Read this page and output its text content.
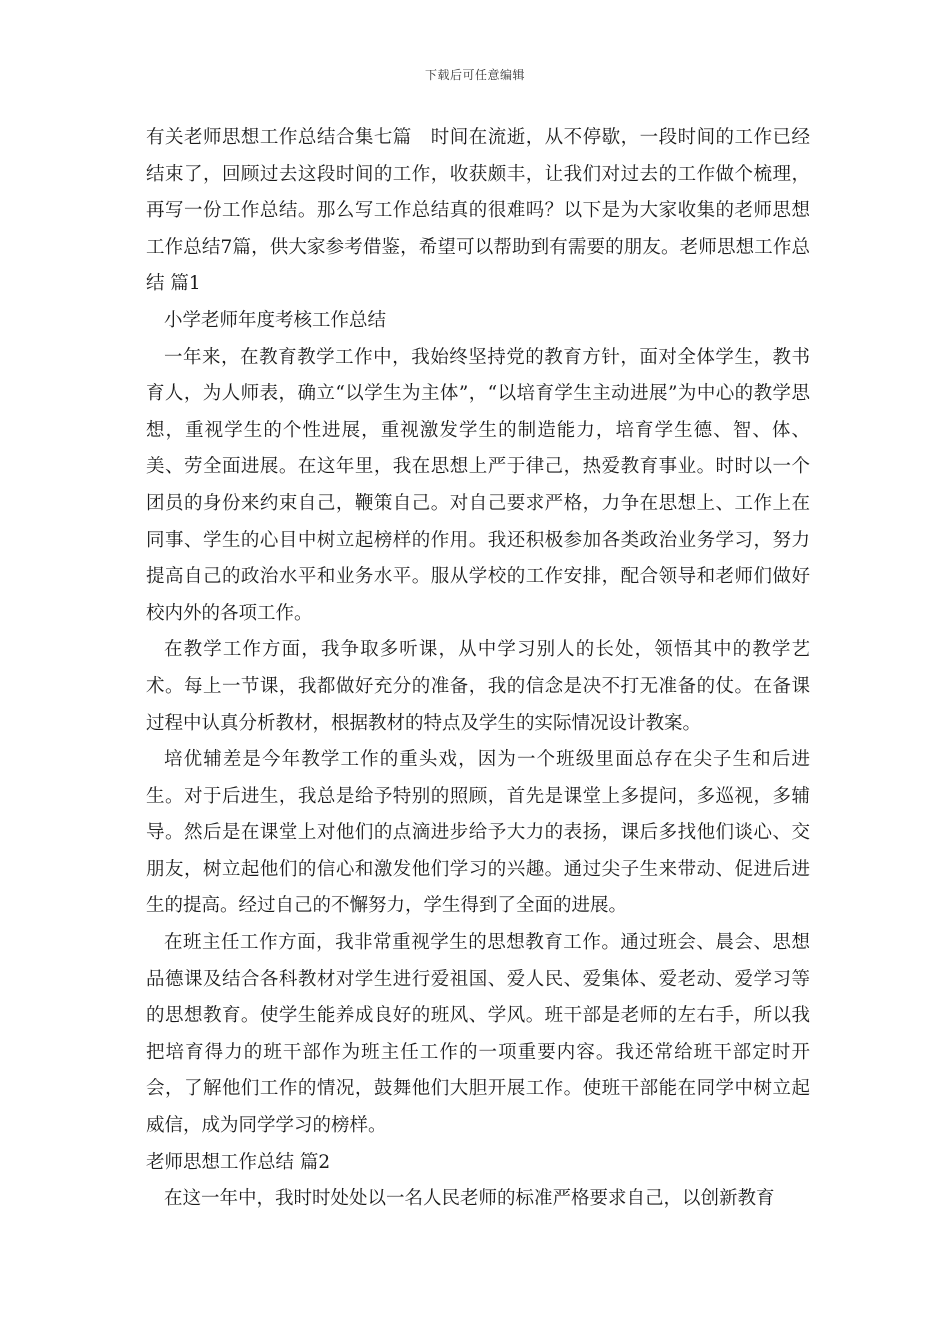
下载后可任意编辑

有关老师思想工作总结合集七篇　时间在流逝，从不停歇，一段时间的工作已经结束了，回顾过去这段时间的工作，收获颇丰，让我们对过去的工作做个梳理，再写一份工作总结。那么写工作总结真的很难吗？以下是为大家收集的老师思想工作总结7篇，供大家参考借鉴，希望可以帮助到有需要的朋友。老师思想工作总结 篇1

小学老师年度考核工作总结

一年来，在教育教学工作中，我始终坚持党的教育方针，面对全体学生，教书育人，为人师表，确立“以学生为主体”，“以培育学生主动进展”为中心的教学思想，重视学生的个性进展，重视激发学生的制造能力，培育学生德、智、体、美、劳全面进展。在这年里，我在思想上严于律己，热爱教育事业。时时以一个团员的身份来约束自己，鞭策自己。对自己要求严格，力争在思想上、工作上在同事、学生的心目中树立起榜样的作用。我还积极参加各类政治业务学习，努力提高自己的政治水平和业务水平。服从学校的工作安排，配合领导和老师们做好校内外的各项工作。

在教学工作方面，我争取多听课，从中学习别人的长处，领悟其中的教学艺术。每上一节课，我都做好充分的准备，我的信念是决不打无准备的仗。在备课过程中认真分析教材，根据教材的特点及学生的实际情况设计教案。

培优辅差是今年教学工作的重头戏，因为一个班级里面总存在尖子生和后进生。对于后进生，我总是给予特别的照顾，首先是课堂上多提问，多巡视，多辅导。然后是在课堂上对他们的点滴进步给予大力的表扬，课后多找他们谈心、交朋友，树立起他们的信心和激发他们学习的兴趣。通过尖子生来带动、促进后进生的提高。经过自己的不懈努力，学生得到了全面的进展。

在班主任工作方面，我非常重视学生的思想教育工作。通过班会、晨会、思想品德课及结合各科教材对学生进行爱祖国、爱人民、爱集体、爱老动、爱学习等的思想教育。使学生能养成良好的班风、学风。班干部是老师的左右手，所以我把培育得力的班干部作为班主任工作的一项重要内容。我还常给班干部定时开会，了解他们工作的情况，鼓舞他们大胆开展工作。使班干部能在同学中树立起威信，成为同学学习的榜样。

老师思想工作总结 篇2

在这一年中，我时时处处以一名人民老师的标准严格要求自己，以创新教育
